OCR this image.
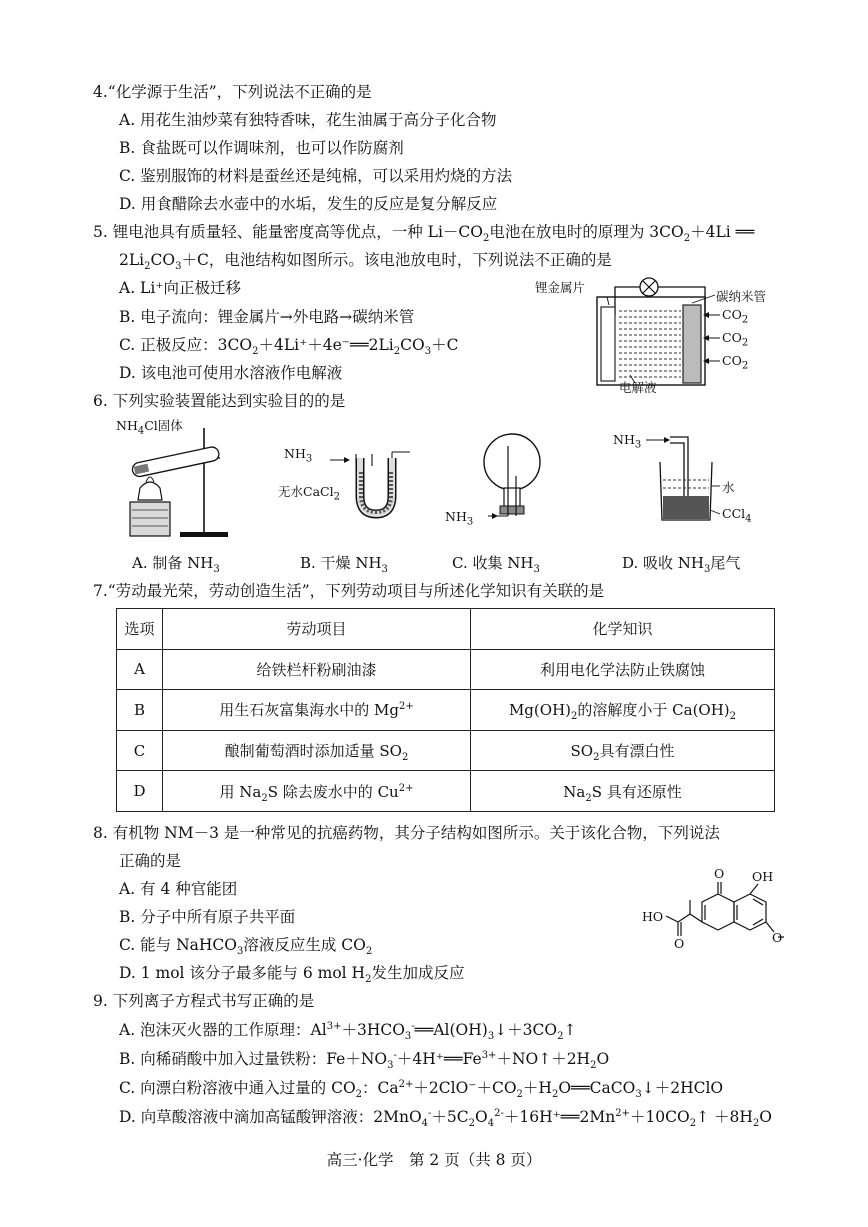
4.“化学源于生活”，下列说法不正确的是
A. 用花生油炒菜有独特香味，花生油属于高分子化合物
B. 食盐既可以作调味剂，也可以作防腐剂
C. 鉴别服饰的材料是蚕丝还是纯棉，可以采用灼烧的方法
D. 用食醋除去水壶中的水垢，发生的反应是复分解反应
5. 锂电池具有质量轻、能量密度高等优点，一种 $Li-CO_2$电池在放电时的原理为 $3CO_2+4Li$ ══
$2Li_2CO_3+C$，电池结构如图所示。该电池放电时，下列说法不正确的是
A. Li⁺向正极迁移
B. 电子流向：锂金属片→外电路→碳纳米管
C. 正极反应：$3CO_2+4Li^++4e^-══2Li_2CO_3+C$
D. 该电池可使用水溶液作电解液
锂金属片
碳纳米管
$CO_2$
$CO_2$
$CO_2$
电解液
6. 下列实验装置能达到实验目的的是
$NH_4Cl$固体
$NH_3$
无水CaCl$_2$
$NH_3$
$NH_3$
水
CCl$_4$
A. 制备 $NH_3$	B. 干燥 $NH_3$	C. 收集 $NH_3$	D. 吸收 $NH_3$尾气
7.“劳动最光荣，劳动创造生活”，下列劳动项目与所述化学知识有关联的是
选项	劳动项目	化学知识
A	给铁栏杆粉刷油漆	利用电化学法防止铁腐蚀
B	用生石灰富集海水中的 $Mg^{2+}$	$Mg(OH)_2$的溶解度小于 $Ca(OH)_2$
C	酿制葡萄酒时添加适量 $SO_2$	$SO_2$具有漂白性
D	用 $Na_2S$ 除去废水中的 $Cu^{2+}$	$Na_2S$ 具有还原性
8. 有机物 NM－3 是一种常见的抗癌药物，其分子结构如图所示。关于该化合物，下列说法
正确的是
A. 有 4 种官能团
B. 分子中所有原子共平面
C. 能与 NaHCO$_3$溶液反应生成 $CO_2$
D. 1 mol 该分子最多能与 6 mol $H_2$发生加成反应
O OH
O
O
HO
9. 下列离子方程式书写正确的是
A. 泡沫灭火器的工作原理：$Al^{3+}+3HCO_3^-══Al(OH)_3↓+3CO_2↑$
B. 向稀硝酸中加入过量铁粉：$Fe+NO_3^-+4H^+══Fe^{3+}+NO↑+2H_2O$
C. 向漂白粉溶液中通入过量的 $CO_2$：$Ca^{2+}+2ClO^-+CO_2+H_2O══CaCO_3↓+2HClO$
D. 向草酸溶液中滴加高锰酸钾溶液：$2MnO_4^-+5C_2O_4^{2-}+16H^+══2Mn^{2+}+10CO_2↑ +8H_2O$
高三·化学　第 2 页（共 8 页）
